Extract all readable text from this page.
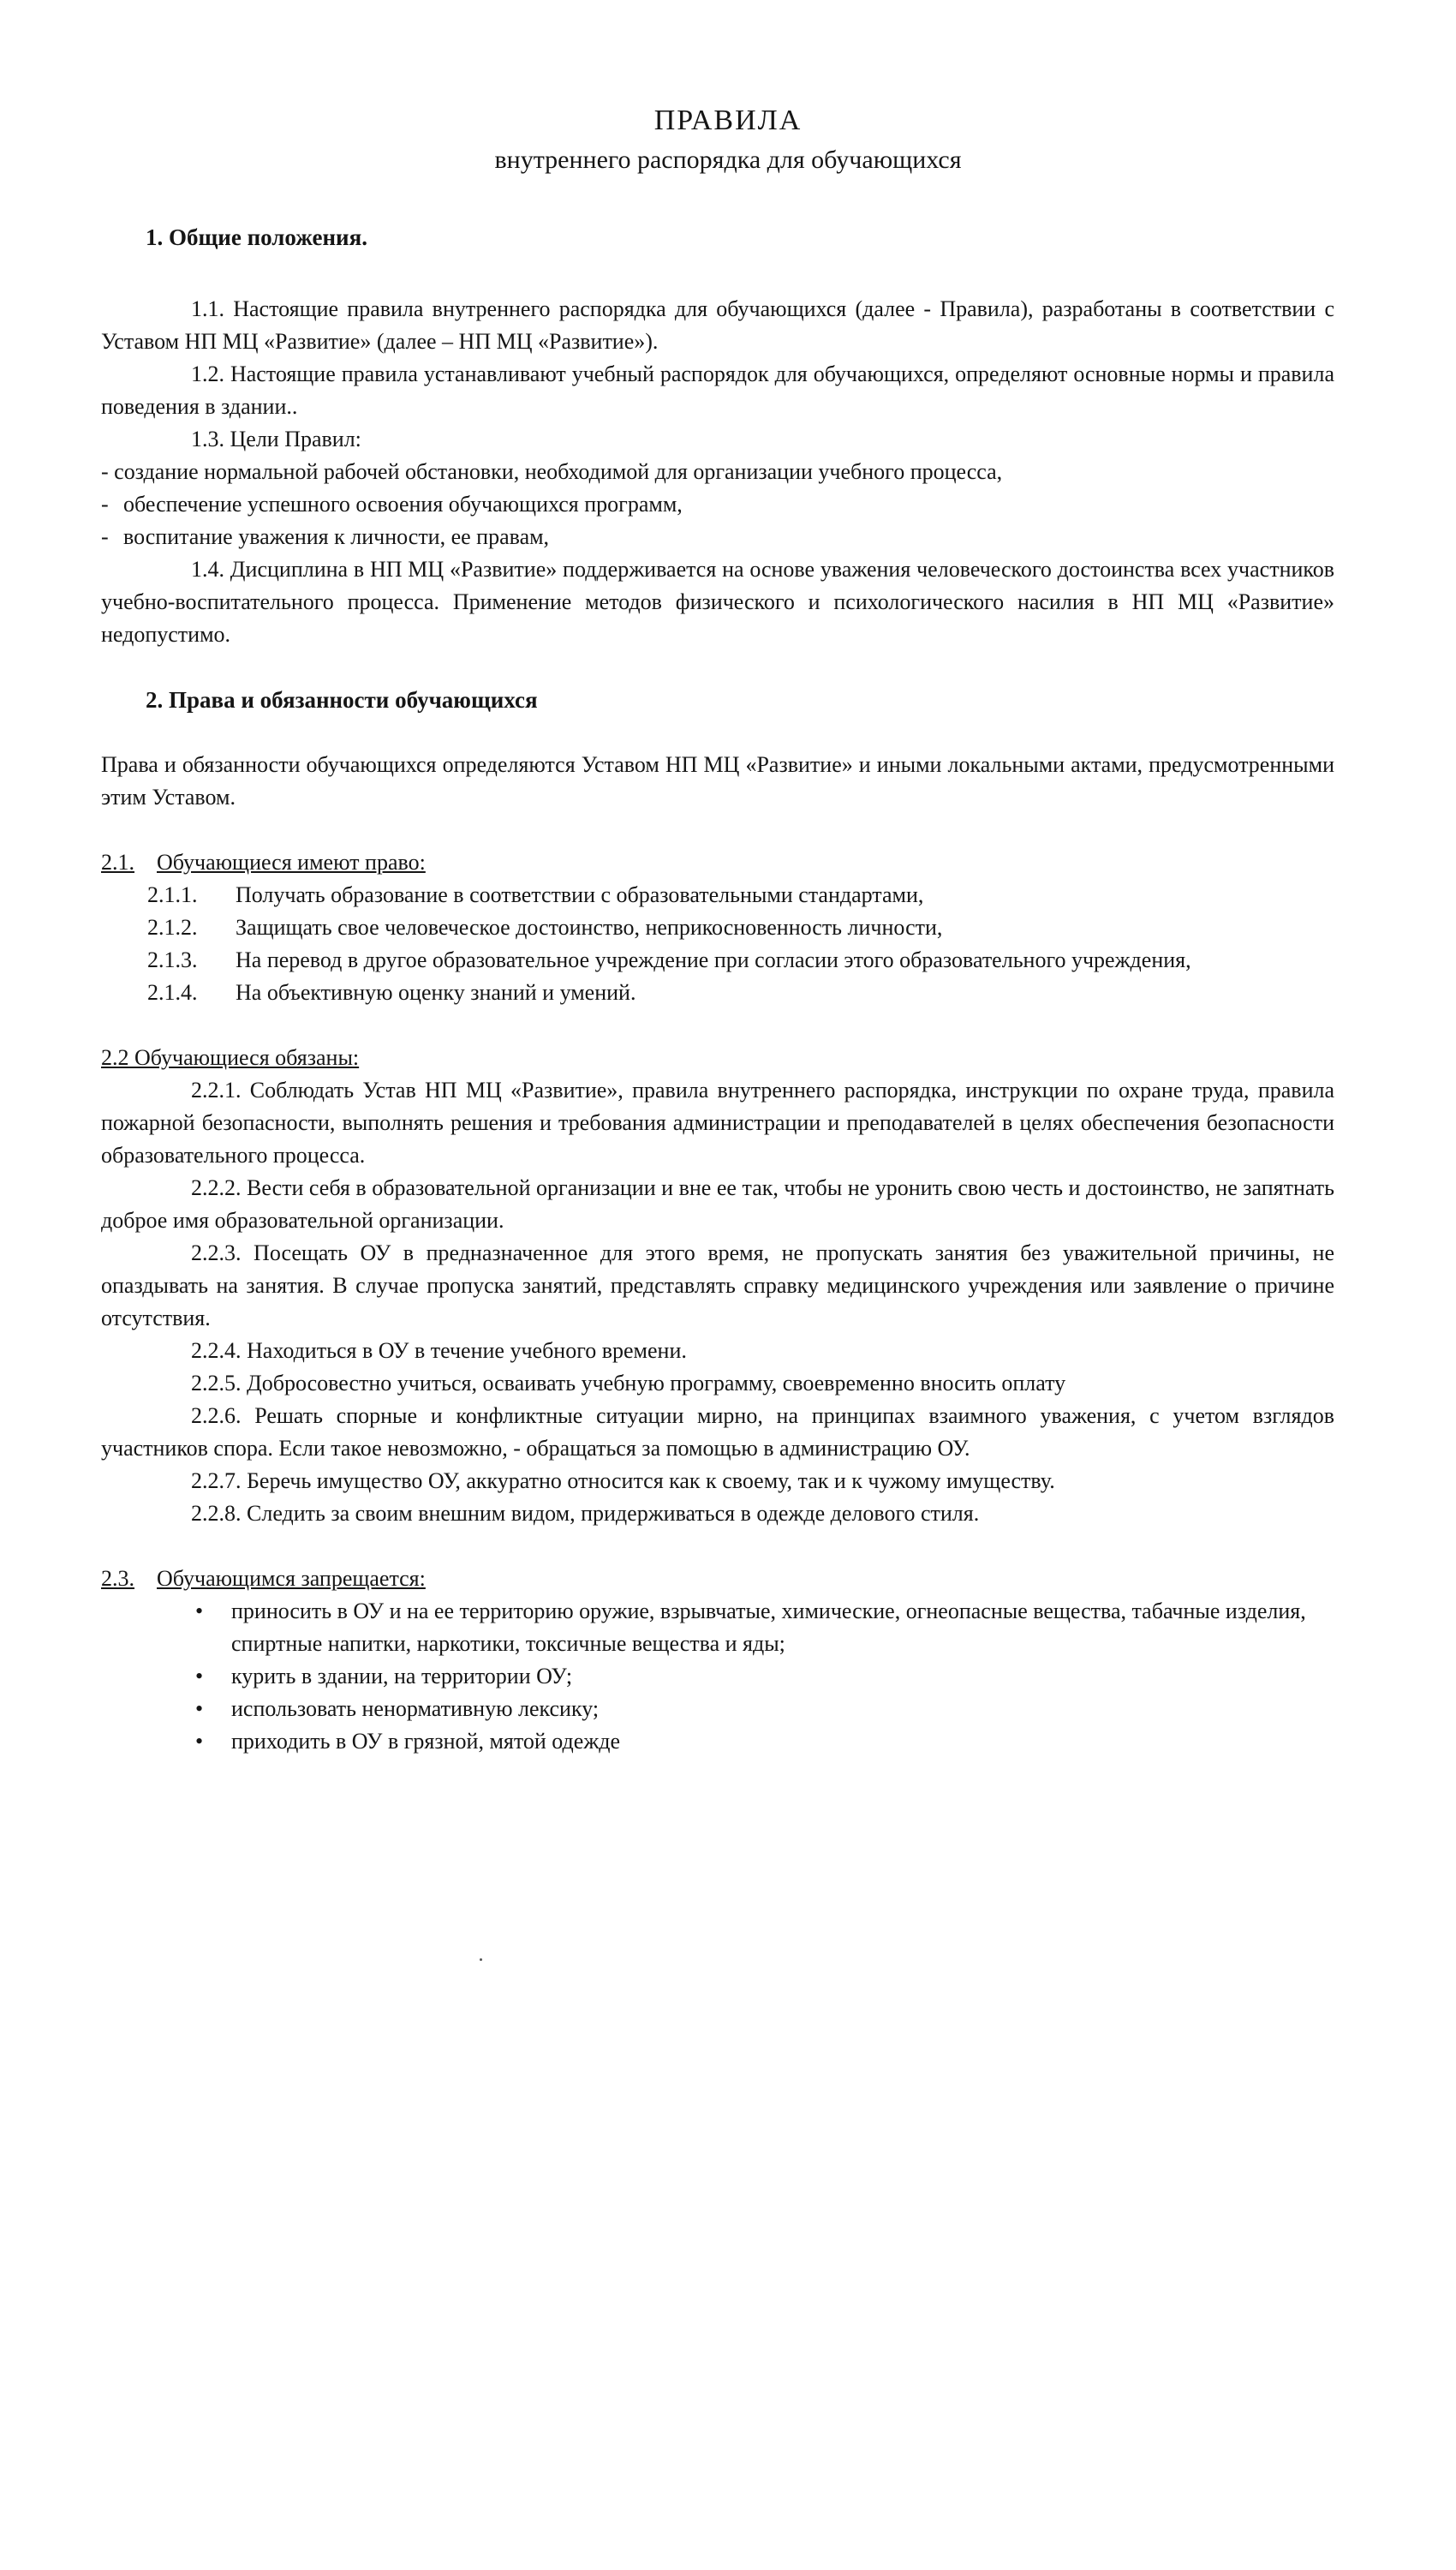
ПРАВИЛА
внутреннего распорядка для обучающихся
1. Общие положения.
1.1. Настоящие правила внутреннего распорядка для обучающихся (далее - Правила), разработаны в соответствии с Уставом НП МЦ «Развитие» (далее – НП МЦ «Развитие»).
1.2. Настоящие правила устанавливают учебный распорядок для обучающихся, определяют основные нормы и правила поведения в здании..
1.3. Цели Правил:
- создание нормальной рабочей обстановки, необходимой для организации учебного процесса,
- обеспечение успешного освоения обучающихся программ,
- воспитание уважения к личности, ее правам,
1.4. Дисциплина в НП МЦ «Развитие» поддерживается на основе уважения человеческого достоинства всех участников учебно-воспитательного процесса. Применение методов физического и психологического насилия в НП МЦ «Развитие» недопустимо.
2. Права и обязанности обучающихся
Права и обязанности обучающихся определяются Уставом НП МЦ «Развитие» и иными локальными актами, предусмотренными этим Уставом.
2.1. Обучающиеся имеют право:
2.1.1.	Получать образование в соответствии с образовательными стандартами,
2.1.2.	Защищать свое человеческое достоинство, неприкосновенность личности,
2.1.3.	На перевод в другое образовательное учреждение при согласии этого образовательного учреждения,
2.1.4.	На объективную оценку знаний и умений.
2.2 Обучающиеся обязаны:
2.2.1. Соблюдать Устав НП МЦ «Развитие», правила внутреннего распорядка, инструкции по охране труда, правила пожарной безопасности, выполнять решения и требования администрации и преподавателей в целях обеспечения безопасности образовательного процесса.
2.2.2. Вести себя в образовательной организации и вне ее так, чтобы не уронить свою честь и достоинство, не запятнать доброе имя образовательной организации.
2.2.3. Посещать ОУ в предназначенное для этого время, не пропускать занятия без уважительной причины, не опаздывать на занятия. В случае пропуска занятий, представлять справку медицинского учреждения или заявление о причине отсутствия.
2.2.4. Находиться в ОУ в течение учебного времени.
2.2.5. Добросовестно учиться, осваивать учебную программу, своевременно вносить оплату
2.2.6. Решать спорные и конфликтные ситуации мирно, на принципах взаимного уважения, с учетом взглядов участников спора. Если такое невозможно, - обращаться за помощью в администрацию ОУ.
2.2.7. Беречь имущество ОУ, аккуратно относится как к своему, так и к чужому имуществу.
2.2.8. Следить за своим внешним видом, придерживаться в одежде делового стиля.
2.3. Обучающимся запрещается:
•	приносить в ОУ и на ее территорию оружие, взрывчатые, химические, огнеопасные вещества, табачные изделия, спиртные напитки, наркотики, токсичные вещества и яды;
•	курить в здании, на территории ОУ;
•	использовать ненормативную лексику;
•	приходить в ОУ в грязной, мятой одежде
